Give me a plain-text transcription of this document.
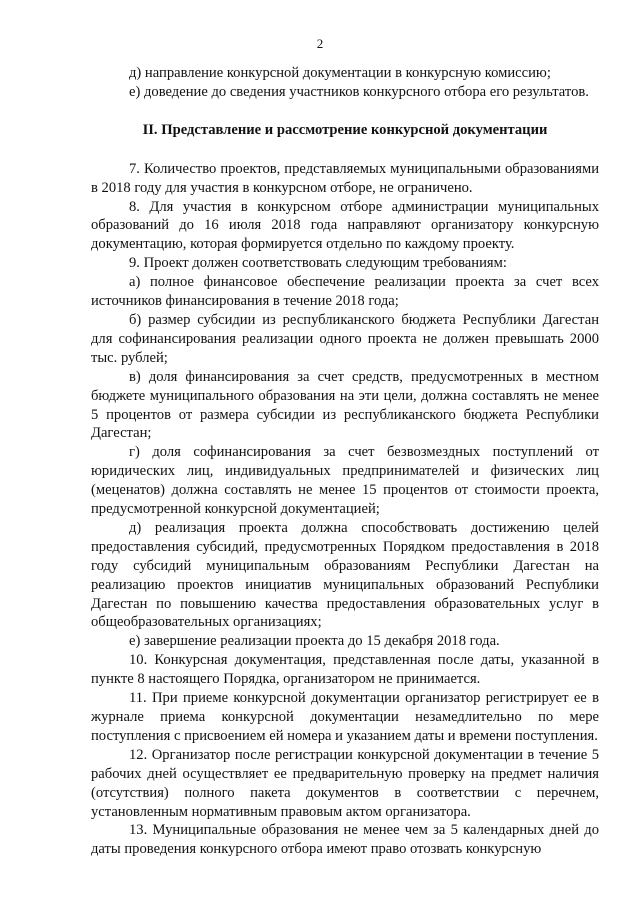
2

д) направление конкурсной документации в конкурсную комиссию;

е) доведение до сведения участников конкурсного отбора его результатов.

II. Представление и рассмотрение конкурсной документации

7. Количество проектов, представляемых муниципальными образованиями в 2018 году для участия в конкурсном отборе, не ограничено.

8. Для участия в конкурсном отборе администрации муниципальных образований до 16 июля 2018 года направляют организатору конкурсную документацию, которая формируется отдельно по каждому проекту.

9. Проект должен соответствовать следующим требованиям:

а) полное финансовое обеспечение реализации проекта за счет всех источников финансирования в течение 2018 года;

б) размер субсидии из республиканского бюджета Республики Дагестан для софинансирования реализации одного проекта не должен превышать 2000 тыс. рублей;

в) доля финансирования за счет средств, предусмотренных в местном бюджете муниципального образования на эти цели, должна составлять не менее 5 процентов от размера субсидии из республиканского бюджета Республики Дагестан;

г) доля софинансирования за счет безвозмездных поступлений от юридических лиц, индивидуальных предпринимателей и физических лиц (меценатов) должна составлять не менее 15 процентов от стоимости проекта, предусмотренной конкурсной документацией;

д) реализация проекта должна способствовать достижению целей предоставления субсидий, предусмотренных Порядком предоставления в 2018 году субсидий муниципальным образованиям Республики Дагестан на реализацию проектов инициатив муниципальных образований Республики Дагестан по повышению качества предоставления образовательных услуг в общеобразовательных организациях;

е) завершение реализации проекта до 15 декабря 2018 года.

10. Конкурсная документация, представленная после даты, указанной в пункте 8 настоящего Порядка, организатором не принимается.

11. При приеме конкурсной документации организатор регистрирует ее в журнале приема конкурсной документации незамедлительно по мере поступления с присвоением ей номера и указанием даты и времени поступления.

12. Организатор после регистрации конкурсной документации в течение 5 рабочих дней осуществляет ее предварительную проверку на предмет наличия (отсутствия) полного пакета документов в соответствии с перечнем, установленным нормативным правовым актом организатора.

13. Муниципальные образования не менее чем за 5 календарных дней до даты проведения конкурсного отбора имеют право отозвать конкурсную
